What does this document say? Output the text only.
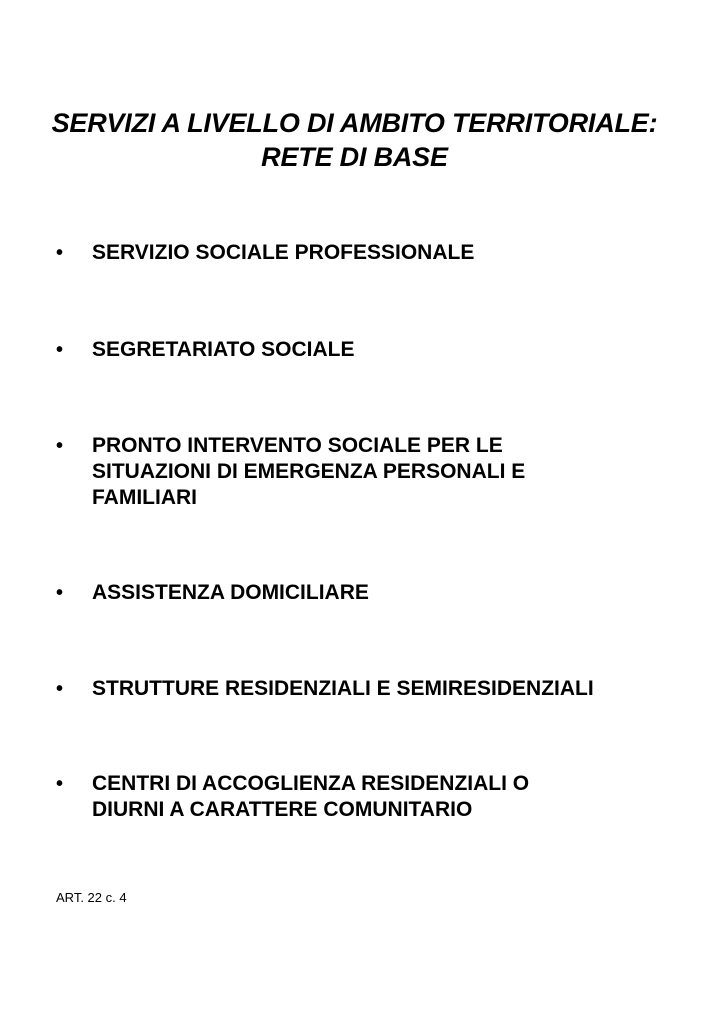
SERVIZI A LIVELLO DI AMBITO TERRITORIALE:
RETE DI BASE
•	SERVIZIO SOCIALE PROFESSIONALE
•	SEGRETARIATO SOCIALE
•	PRONTO INTERVENTO SOCIALE PER LE
SITUAZIONI DI EMERGENZA PERSONALI E
FAMILIARI
•	ASSISTENZA DOMICILIARE
•	STRUTTURE RESIDENZIALI E SEMIRESIDENZIALI
•	CENTRI DI ACCOGLIENZA RESIDENZIALI O
DIURNI A CARATTERE COMUNITARIO
ART. 22 c. 4
